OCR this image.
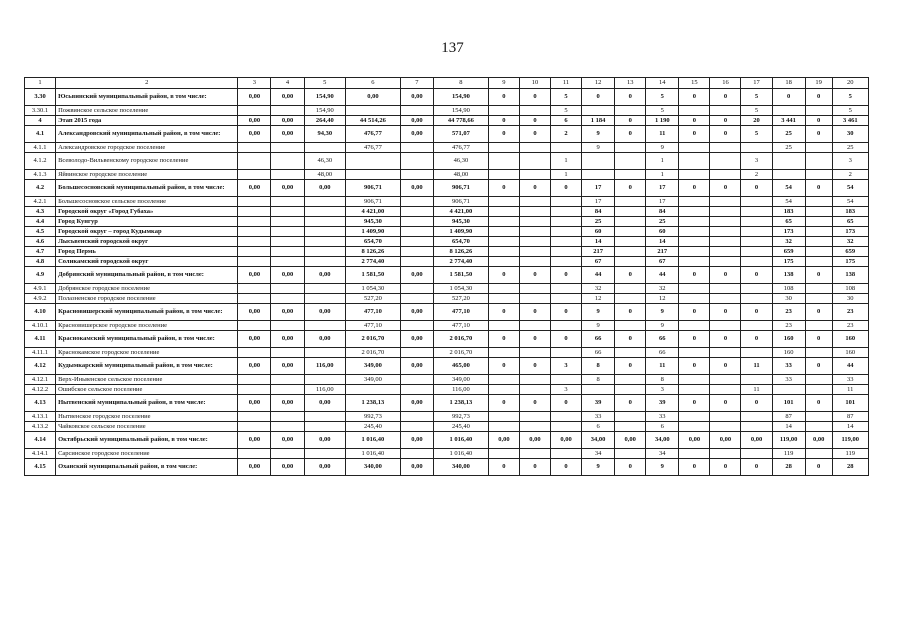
137
1	2	3	4	5	6	7	8	9	10	11	12	13	14	15	16	17	18	19	20
3.30	Юсьвинский муниципальный район, в том числе:	0,00	0,00	154,90	0,00	0,00	154,90	0	0	5	0	0	5	0	0	5	0	0	5
3.30.1	Пожвинское сельское поселение			154,90			154,90			5			5			5			5
4	Этап 2015 года	0,00	0,00	264,40	44 514,26	0,00	44 778,66	0	0	6	1 184	0	1 190	0	0	20	3 441	0	3 461
4.1	Александровский муниципальный район, в том числе:	0,00	0,00	94,30	476,77	0,00	571,07	0	0	2	9	0	11	0	0	5	25	0	30
4.1.1	Александровское городское поселение				476,77		476,77				9		9				25		25
4.1.2	Всеволодо-Вильвенскому городское поселение			46,30			46,30			1			1			3			3
4.1.3	Яйвинское городское поселение			48,00			48,00			1			1			2			2
4.2	Большесосновский муниципальный район, в том числе:	0,00	0,00	0,00	906,71	0,00	906,71	0	0	0	17	0	17	0	0	0	54	0	54
4.2.1	Большесосновское сельское поселение				906,71		906,71				17		17				54		54
4.3	Городской округ «Город Губаха»				4 421,00		4 421,00				84		84				183		183
4.4	Город Кунгур				945,30		945,30				25		25				65		65
4.5	Городской округ – город Кудымкар				1 409,90		1 409,90				60		60				173		173
4.6	Лысьвенский городской округ				654,70		654,70				14		14				32		32
4.7	Город Пермь				8 126,26		8 126,26				217		217				659		659
4.8	Соликамский городской округ				2 774,40		2 774,40				67		67				175		175
4.9	Добрянский муниципальный район, в том числе:	0,00	0,00	0,00	1 581,50	0,00	1 581,50	0	0	0	44	0	44	0	0	0	138	0	138
4.9.1	Добрянское городское поселение				1 054,30		1 054,30				32		32				108		108
4.9.2	Полазненское городское поселение				527,20		527,20				12		12				30		30
4.10	Красновишерский муниципальный район, в том числе:	0,00	0,00	0,00	477,10	0,00	477,10	0	0	0	9	0	9	0	0	0	23	0	23
4.10.1	Красновишерское городское поселение				477,10		477,10				9		9				23		23
4.11	Краснокамский муниципальный район, в том числе:	0,00	0,00	0,00	2 016,70	0,00	2 016,70	0	0	0	66	0	66	0	0	0	160	0	160
4.11.1	Краснокамское городское поселение				2 016,70		2 016,70				66		66				160		160
4.12	Кудымкарский муниципальный район, в том числе:	0,00	0,00	116,00	349,00	0,00	465,00	0	0	3	8	0	11	0	0	11	33	0	44
4.12.1	Верх-Иньвенское сельское поселение				349,00		349,00				8		8				33		33
4.12.2	Ошибское сельское поселение			116,00			116,00			3			3			11			11
4.13	Нытвенский муниципальный район, в том числе:	0,00	0,00	0,00	1 238,13	0,00	1 238,13	0	0	0	39	0	39	0	0	0	101	0	101
4.13.1	Нытвенское городское поселение				992,73		992,73				33		33				87		87
4.13.2	Чайковское сельское поселение				245,40		245,40				6		6				14		14
4.14	Октябрьский муниципальный район, в том числе:	0,00	0,00	0,00	1 016,40	0,00	1 016,40	0,00	0,00	0,00	34,00	0,00	34,00	0,00	0,00	0,00	119,00	0,00	119,00
4.14.1	Сарсинское городское поселение				1 016,40		1 016,40				34		34				119		119
4.15	Оханский муниципальный район, в том числе:	0,00	0,00	0,00	340,00	0,00	340,00	0	0	0	9	0	9	0	0	0	28	0	28
